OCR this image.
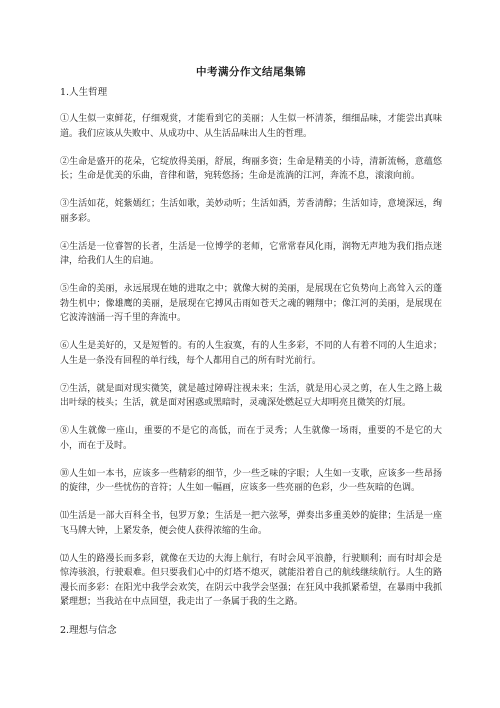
中考满分作文结尾集锦
1.人生哲理

①人生似一束鲜花，仔细观赏，才能看到它的美丽；人生似一杯清茶，细细品味，才能尝出真味道。我们应该从失败中、从成功中、从生活品味出人生的哲理。

②生命是盛开的花朵，它绽放得美丽，舒展，绚丽多资；生命是精美的小诗，清新流畅，意蕴悠长；生命是优美的乐曲，音律和谐，宛转悠扬；生命是流淌的江河，奔流不息，滚滚向前。

③生活如花，姹紫嫣红；生活如歌，美妙动听；生活如酒，芳香清醇；生活如诗，意境深远，绚丽多彩。

④生活是一位睿智的长者，生活是一位博学的老师，它常常春风化雨，润物无声地为我们指点迷津，给我们人生的启迪。

⑤生命的美丽，永远展现在她的进取之中；就像大树的美丽，是展现在它负势向上高耸入云的蓬勃生机中；像雄鹰的美丽，是展现在它搏风击雨如苍天之魂的翱翔中；像江河的美丽，是展现在它波涛汹涌一泻千里的奔流中。

⑥人生是美好的，又是短暂的。有的人生寂寞，有的人生多彩，不同的人有着不同的人生追求；人生是一条没有回程的单行线，每个人都用自己的所有时光前行。

⑦生活，就是面对现实微笑，就是越过障碍注视未来；生活，就是用心灵之剪，在人生之路上裁出叶绿的枝头；生活，就是面对困惑或黑暗时，灵魂深处燃起豆大却明亮且微笑的灯展。

⑧人生就像一座山，重要的不是它的高低，而在于灵秀；人生就像一场雨，重要的不是它的大小，而在于及时。

⑩人生如一本书，应该多一些精彩的细节，少一些乏味的字眼；人生如一支歌，应该多一些昂扬的旋律，少一些忧伤的音符；人生如一幅画，应该多一些亮丽的色彩，少一些灰暗的色调。

⑾生活是一部大百科全书，包罗万象；生活是一把六弦琴，弹奏出多重美妙的旋律；生活是一座飞马牌大钟，上紧发条，便会使人获得浓缩的生命。

⑿人生的路漫长而多彩，就像在天边的大海上航行，有时会风平浪静，行驶顺利；而有时却会是惊涛骇浪，行驶艰难。但只要我们心中的灯塔不熄灭，就能沿着自己的航线继续航行。人生的路漫长而多彩：在阳光中我学会欢笑，在阴云中我学会坚强；在狂风中我抓紧希望，在暴雨中我抓紧理想；当我站在中点回望，我走出了一条属于我的生之路。

2.理想与信念
